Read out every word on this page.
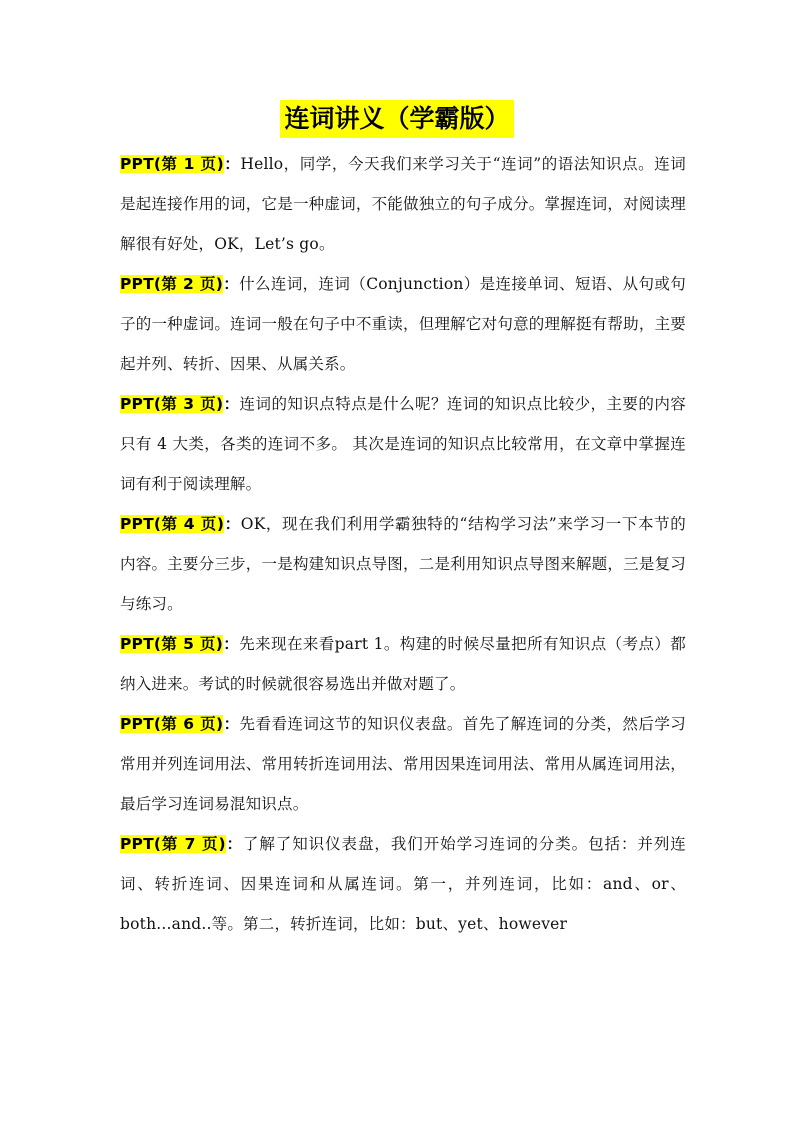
连词讲义（学霸版）

PPT(第 1 页)：Hello，同学，今天我们来学习关于“连词”的语法知识点。连词是起连接作用的词，它是一种虚词，不能做独立的句子成分。掌握连词，对阅读理解很有好处，OK，Let’s go。

PPT(第 2 页)：什么连词，连词（Conjunction）是连接单词、短语、从句或句子的一种虚词。连词一般在句子中不重读，但理解它对句意的理解挺有帮助，主要起并列、转折、因果、从属关系。

PPT(第 3 页)：连词的知识点特点是什么呢？连词的知识点比较少，主要的内容只有 4 大类，各类的连词不多。 其次是连词的知识点比较常用，在文章中掌握连词有利于阅读理解。

PPT(第 4 页)：OK，现在我们利用学霸独特的“结构学习法”来学习一下本节的内容。主要分三步，一是构建知识点导图，二是利用知识点导图来解题，三是复习与练习。

PPT(第 5 页)：先来现在来看part 1。构建的时候尽量把所有知识点（考点）都纳入进来。考试的时候就很容易选出并做对题了。

PPT(第 6 页)：先看看连词这节的知识仪表盘。首先了解连词的分类，然后学习常用并列连词用法、常用转折连词用法、常用因果连词用法、常用从属连词用法，最后学习连词易混知识点。

PPT(第 7 页)：了解了知识仪表盘，我们开始学习连词的分类。包括：并列连词、转折连词、因果连词和从属连词。第一，并列连词，比如：and、or、both...and..等。第二，转折连词，比如：but、yet、however
